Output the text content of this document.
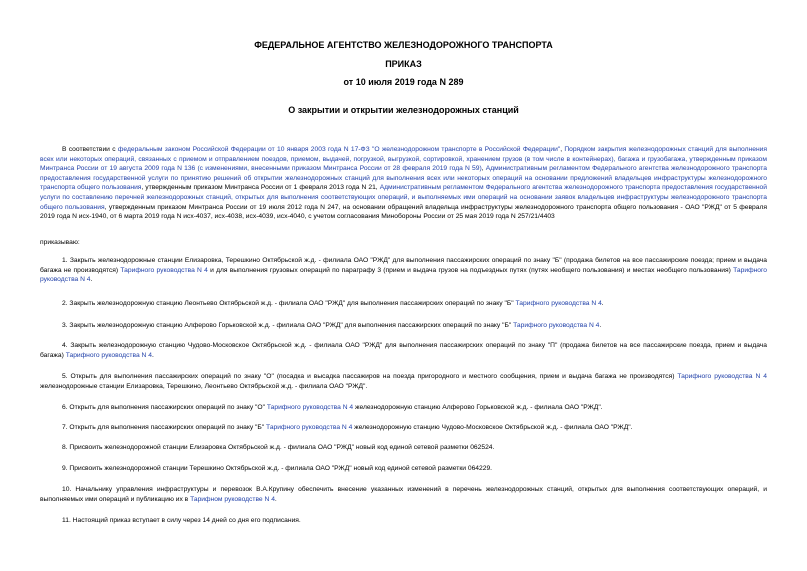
ФЕДЕРАЛЬНОЕ АГЕНТСТВО ЖЕЛЕЗНОДОРОЖНОГО ТРАНСПОРТА
ПРИКАЗ
от 10 июля 2019 года N 289
О закрытии и открытии железнодорожных станций

В соответствии с федеральным законом Российской Федерации от 10 января 2003 года N 17-ФЗ "О железнодорожном транспорте в Российской Федерации", Порядком закрытия железнодорожных станций для выполнения всех или некоторых операций, связанных с приемом и отправлением поездов, приемом, выдачей, погрузкой, выгрузкой, сортировкой, хранением грузов (в том числе в контейнерах), багажа и грузобагажа, утвержденным приказом Минтранса России от 19 августа 2009 года N 136 (с изменениями, внесенными приказом Минтранса России от 28 февраля 2019 года N 59), Административным регламентом Федерального агентства железнодорожного транспорта предоставления государственной услуги по принятию решений об открытии железнодорожных станций для выполнения всех или некоторых операций на основании предложений владельцев инфраструктуры железнодорожного транспорта общего пользования, утвержденным приказом Минтранса России от 1 февраля 2013 года N 21, Административным регламентом Федерального агентства железнодорожного транспорта предоставления государственной услуги по составлению перечней железнодорожных станций, открытых для выполнения соответствующих операций, и выполняемых ими операций на основании заявок владельцев инфраструктуры железнодорожного транспорта общего пользования, утвержденным приказом Минтранса России от 19 июля 2012 года N 247, на основании обращений владельца инфраструктуры железнодорожного транспорта общего пользования - ОАО "РЖД" от 5 февраля 2019 года N исх-1940, от 6 марта 2019 года N исх-4037, исх-4038, исх-4039, исх-4040, с учетом согласования Минобороны России от 25 мая 2019 года N 257/21/4403

приказываю:

1. Закрыть железнодорожные станции Елизаровка, Терешкино Октябрьской ж.д. - филиала ОАО "РЖД" для выполнения пассажирских операций по знаку "Б" (продажа билетов на все пассажирские поезда; прием и выдача багажа не производятся) Тарифного руководства N 4 и для выполнения грузовых операций по параграфу 3 (прием и выдача грузов на подъездных путях (путях необщего пользования) и местах необщего пользования) Тарифного руководства N 4.

2. Закрыть железнодорожную станцию Леонтьево Октябрьской ж.д. - филиала ОАО "РЖД" для выполнения пассажирских операций по знаку "Б" Тарифного руководства N 4.

3. Закрыть железнодорожную станцию Алферово Горьковской ж.д. - филиала ОАО "РЖД" для выполнения пассажирских операций по знаку "Б" Тарифного руководства N 4.

4. Закрыть железнодорожную станцию Чудово-Московское Октябрьской ж.д. - филиала ОАО "РЖД" для выполнения пассажирских операций по знаку "П" (продажа билетов на все пассажирские поезда, прием и выдача багажа) Тарифного руководства N 4.

5. Открыть для выполнения пассажирских операций по знаку "О" (посадка и высадка пассажиров на поезда пригородного и местного сообщения, прием и выдача багажа не производятся) Тарифного руководства N 4 железнодорожные станции Елизаровка, Терешкино, Леонтьево Октябрьской ж.д. - филиала ОАО "РЖД".

6. Открыть для выполнения пассажирских операций по знаку "О" Тарифного руководства N 4 железнодорожную станцию Алферово Горьковской ж.д. - филиала ОАО "РЖД".

7. Открыть для выполнения пассажирских операций по знаку "Б" Тарифного руководства N 4 железнодорожную станцию Чудово-Московское Октябрьской ж.д. - филиала ОАО "РЖД".

8. Присвоить железнодорожной станции Елизаровка Октябрьской ж.д. - филиала ОАО "РЖД" новый код единой сетевой разметки 062524.

9. Присвоить железнодорожной станции Терешкино Октябрьской ж.д. - филиала ОАО "РЖД" новый код единой сетевой разметки 064229.

10. Начальнику управления инфраструктуры и перевозок В.А.Крупину обеспечить внесение указанных изменений в перечень железнодорожных станций, открытых для выполнения соответствующих операций, и выполняемых ими операций и публикацию их в Тарифном руководстве N 4.

11. Настоящий приказ вступает в силу через 14 дней со дня его подписания.
